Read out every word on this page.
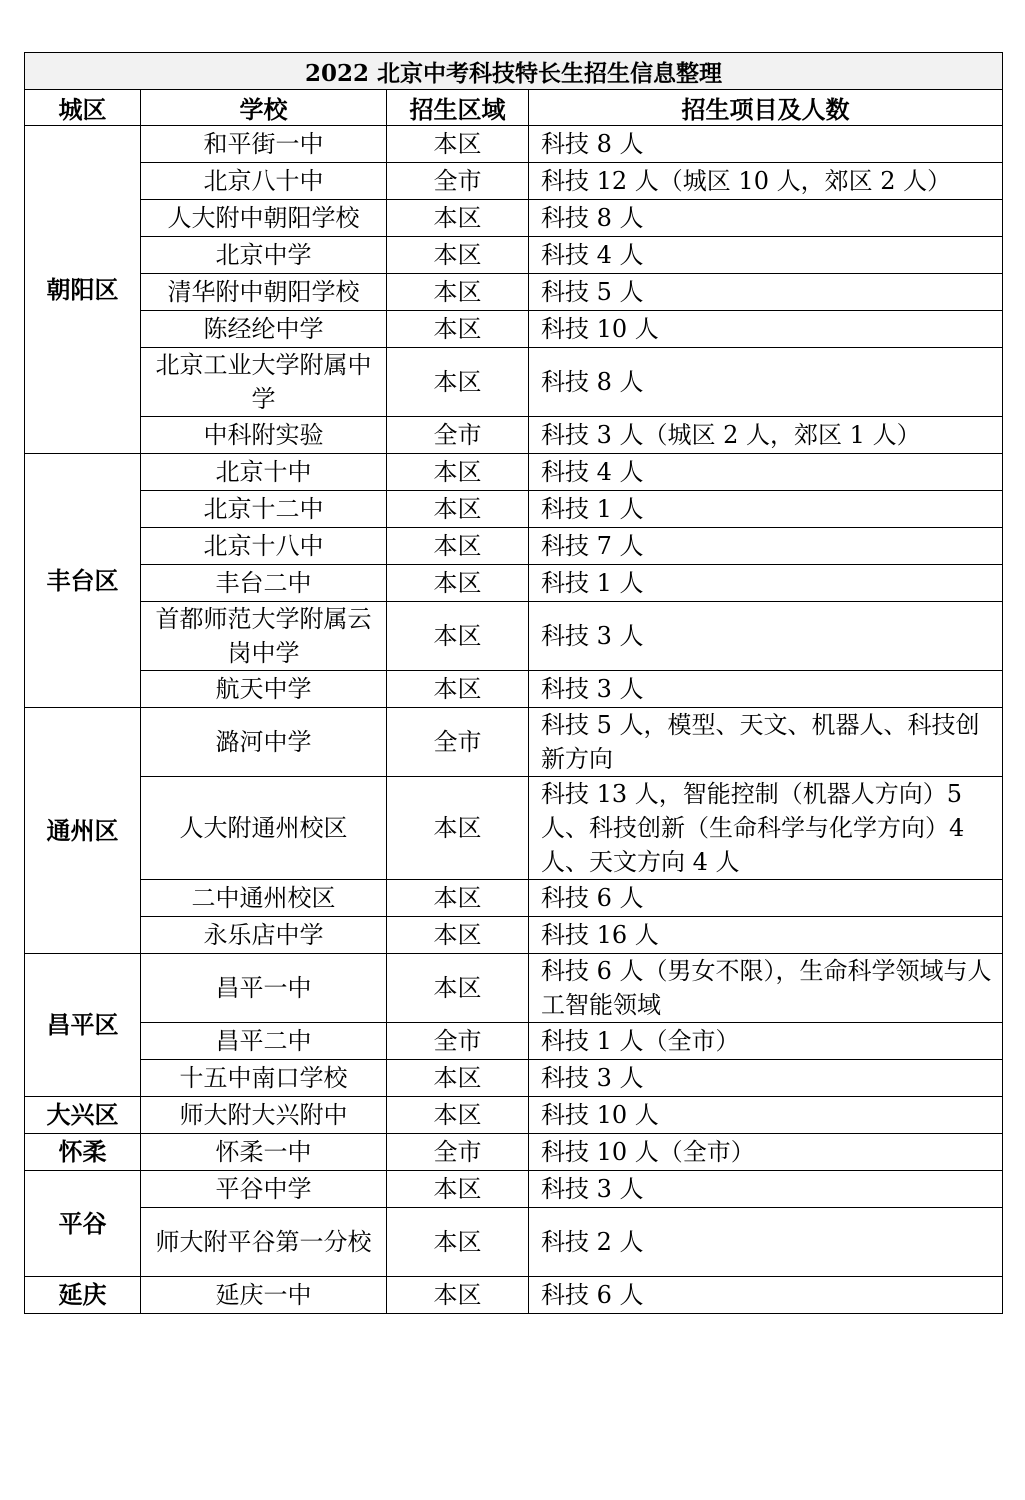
2022 北京中考科技特长生招生信息整理			
城区	学校	招生区域	招生项目及人数
朝阳区	和平街一中	本区	科技 8 人
	北京八十中	全市	科技 12 人（城区 10 人，郊区 2 人）
	人大附中朝阳学校	本区	科技 8 人
	北京中学	本区	科技 4 人
	清华附中朝阳学校	本区	科技 5 人
	陈经纶中学	本区	科技 10 人
	北京工业大学附属中学	本区	科技 8 人
	中科附实验	全市	科技 3 人（城区 2 人，郊区 1 人）
丰台区	北京十中	本区	科技 4 人
	北京十二中	本区	科技 1 人
	北京十八中	本区	科技 7 人
	丰台二中	本区	科技 1 人
	首都师范大学附属云岗中学	本区	科技 3 人
	航天中学	本区	科技 3 人
通州区	潞河中学	全市	科技 5 人，模型、天文、机器人、科技创新方向
	人大附通州校区	本区	科技 13 人，智能控制（机器人方向）5 人、科技创新（生命科学与化学方向）4 人、天文方向 4 人
	二中通州校区	本区	科技 6 人
	永乐店中学	本区	科技 16 人
昌平区	昌平一中	本区	科技 6 人（男女不限），生命科学领域与人工智能领域
	昌平二中	全市	科技 1 人（全市）
	十五中南口学校	本区	科技 3 人
大兴区	师大附大兴附中	本区	科技 10 人
怀柔	怀柔一中	全市	科技 10 人（全市）
平谷	平谷中学	本区	科技 3 人
	师大附平谷第一分校	本区	科技 2 人
延庆	延庆一中	本区	科技 6 人
